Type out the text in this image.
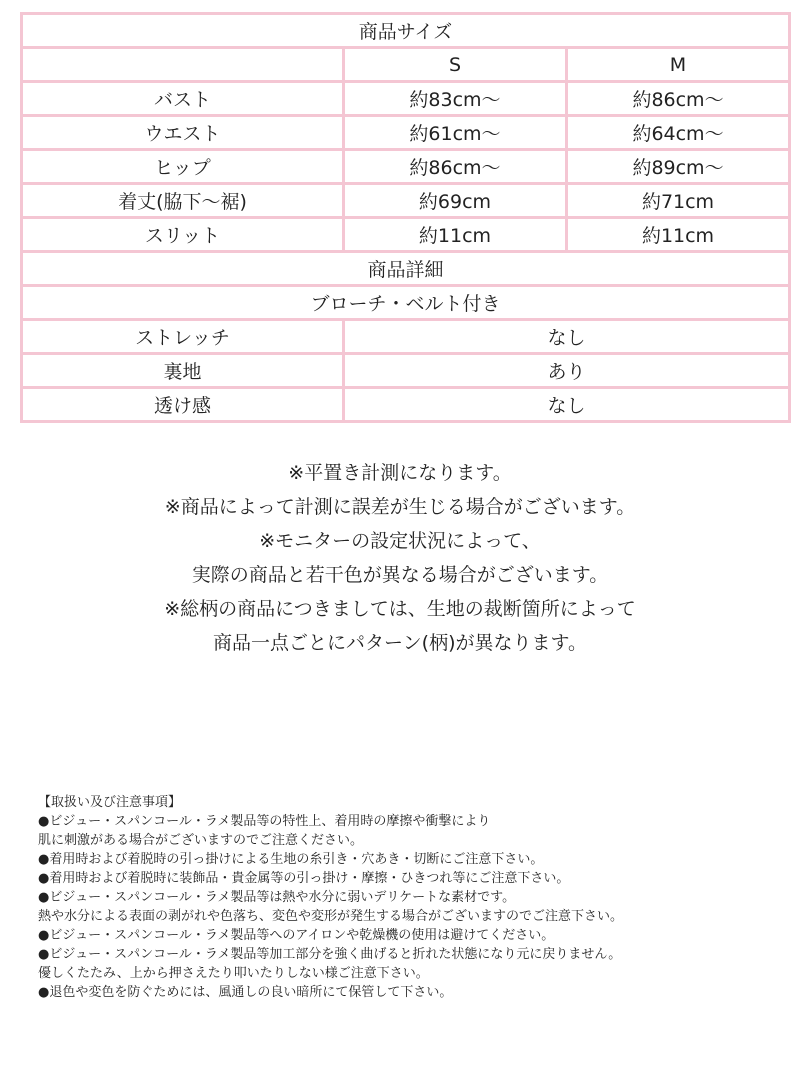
商品サイズ		
	S	M
バスト	約83cm～	約86cm～
ウエスト	約61cm～	約64cm～
ヒップ	約86cm～	約89cm～
着丈(脇下～裾)	約69cm	約71cm
スリット	約11cm	約11cm
商品詳細		
ブローチ・ベルト付き		
ストレッチ	なし	
裏地	あり	
透け感	なし	
※平置き計測になります。
※商品によって計測に誤差が生じる場合がございます。
※モニターの設定状況によって、
実際の商品と若干色が異なる場合がございます。
※総柄の商品につきましては、生地の裁断箇所によって
商品一点ごとにパターン(柄)が異なります。
【取扱い及び注意事項】
●ビジュー・スパンコール・ラメ製品等の特性上、着用時の摩擦や衝撃により
肌に刺激がある場合がございますのでご注意ください。
●着用時および着脱時の引っ掛けによる生地の糸引き・穴あき・切断にご注意下さい。
●着用時および着脱時に装飾品・貴金属等の引っ掛け・摩擦・ひきつれ等にご注意下さい。
●ビジュー・スパンコール・ラメ製品等は熱や水分に弱いデリケートな素材です。
熱や水分による表面の剥がれや色落ち、変色や変形が発生する場合がございますのでご注意下さい。
●ビジュー・スパンコール・ラメ製品等へのアイロンや乾燥機の使用は避けてください。
●ビジュー・スパンコール・ラメ製品等加工部分を強く曲げると折れた状態になり元に戻りません。
優しくたたみ、上から押さえたり叩いたりしない様ご注意下さい。
●退色や変色を防ぐためには、風通しの良い暗所にて保管して下さい。
